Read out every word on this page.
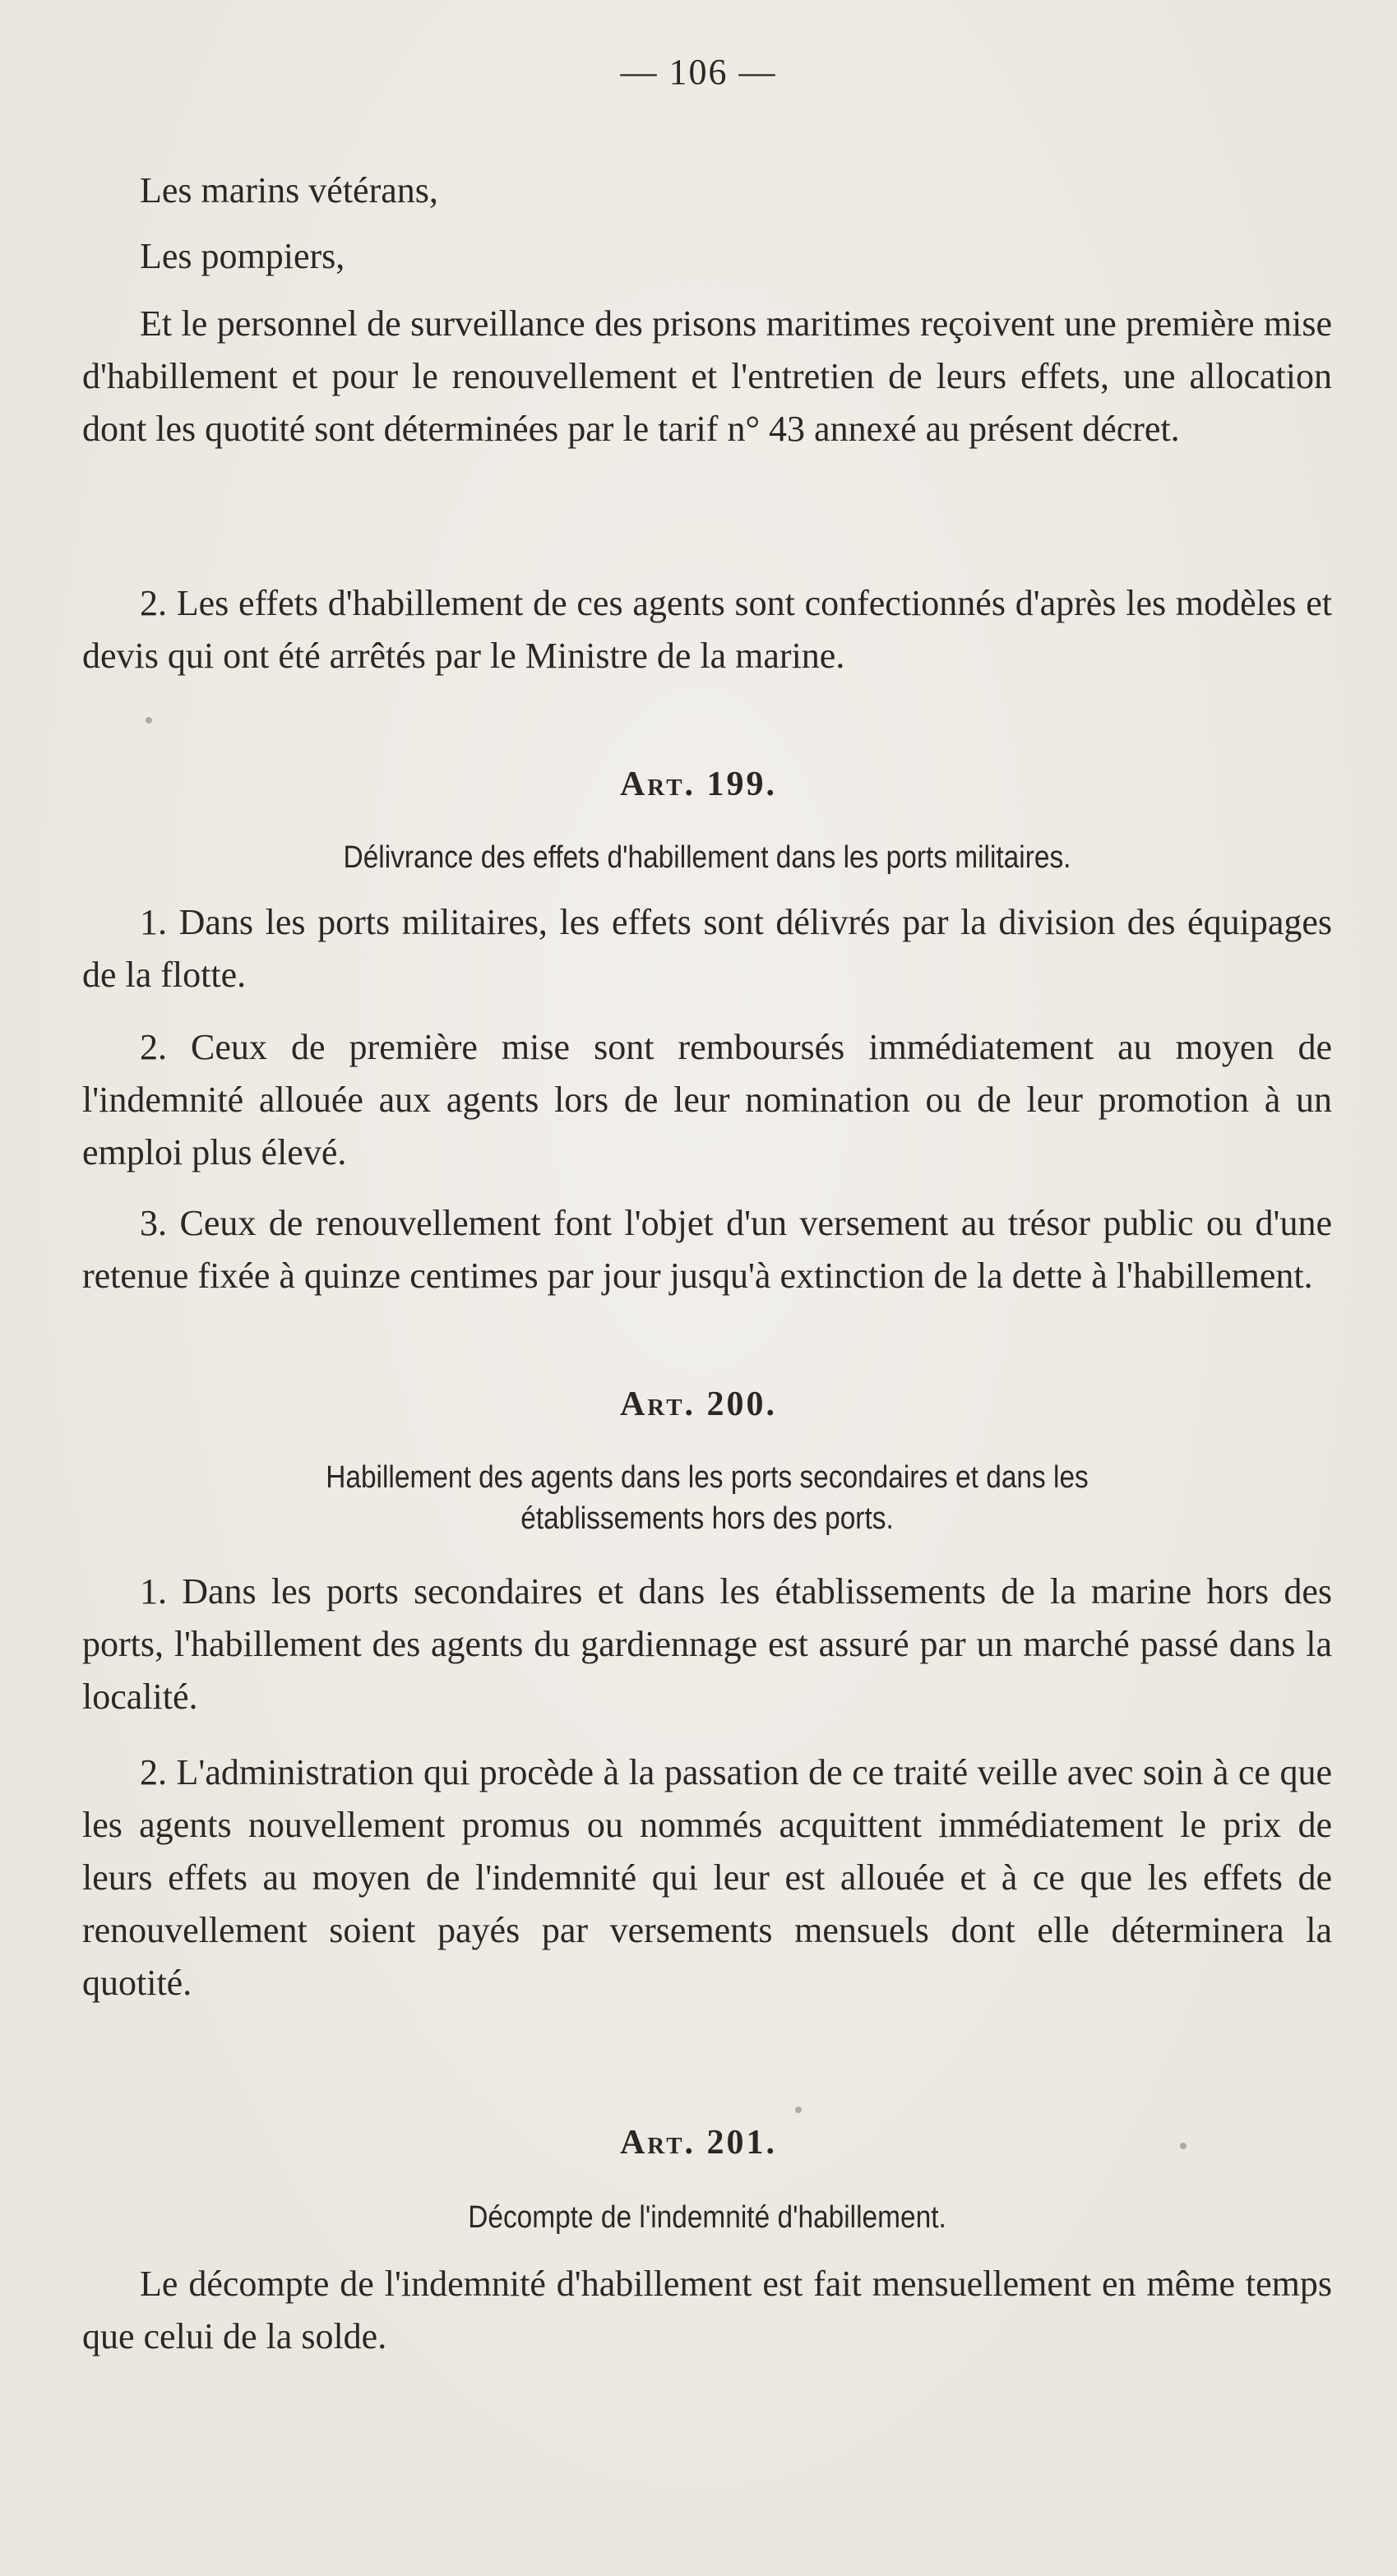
— 106 —

Les marins vétérans,

Les pompiers,

Et le personnel de surveillance des prisons maritimes reçoivent une première mise d'habillement et pour le renouvellement et l'entretien de leurs effets, une allocation dont les quotité sont déterminées par le tarif n° 43 annexé au présent décret.

2. Les effets d'habillement de ces agents sont confectionnés d'après les modèles et devis qui ont été arrêtés par le Ministre de la marine.

Art. 199.

Délivrance des effets d'habillement dans les ports militaires.

1. Dans les ports militaires, les effets sont délivrés par la division des équipages de la flotte.

2. Ceux de première mise sont remboursés immédiatement au moyen de l'indemnité allouée aux agents lors de leur nomination ou de leur promotion à un emploi plus élevé.

3. Ceux de renouvellement font l'objet d'un versement au trésor public ou d'une retenue fixée à quinze centimes par jour jusqu'à extinction de la dette à l'habillement.

Art. 200.

Habillement des agents dans les ports secondaires et dans les

établissements hors des ports.

1. Dans les ports secondaires et dans les établissements de la marine hors des ports, l'habillement des agents du gardiennage est assuré par un marché passé dans la localité.

2. L'administration qui procède à la passation de ce traité veille avec soin à ce que les agents nouvellement promus ou nommés acquittent immédiatement le prix de leurs effets au moyen de l'indemnité qui leur est allouée et à ce que les effets de renouvellement soient payés par versements mensuels dont elle déterminera la quotité.

Art. 201.

Décompte de l'indemnité d'habillement.

Le décompte de l'indemnité d'habillement est fait mensuellement en même temps que celui de la solde.
